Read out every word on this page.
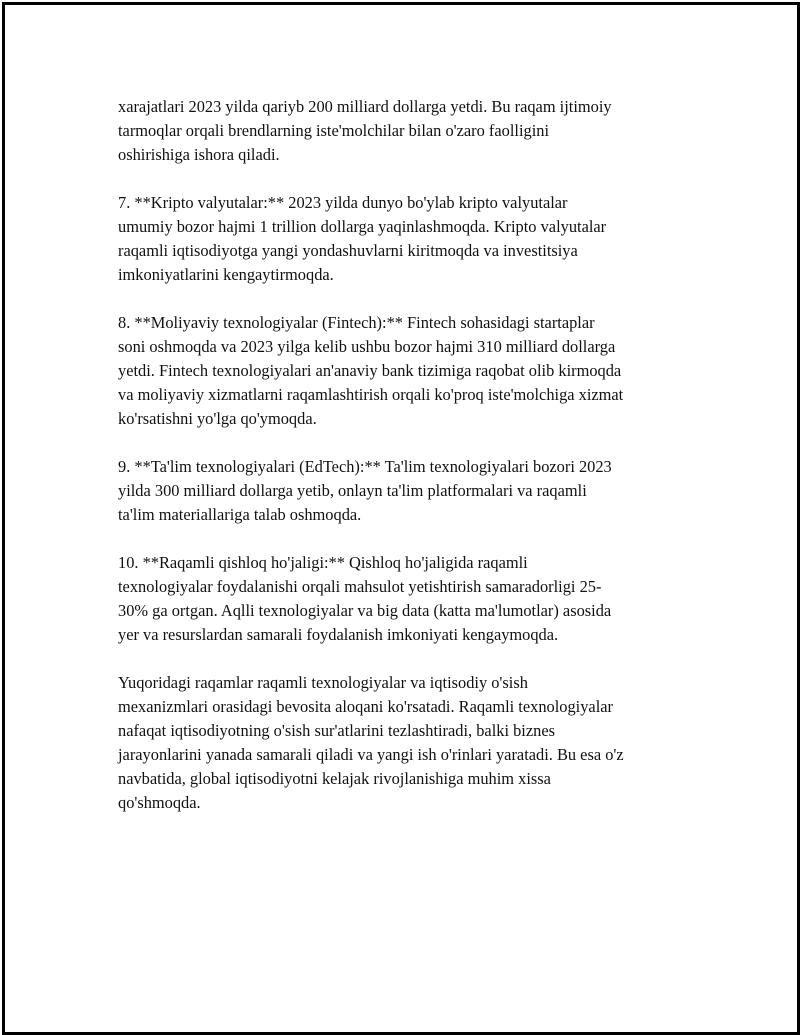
xarajatlari 2023 yilda qariyb 200 milliard dollarga yetdi. Bu raqam ijtimoiy
tarmoqlar orqali brendlarning iste'molchilar bilan o'zaro faolligini
oshirishiga ishora qiladi.

7. **Kripto valyutalar:** 2023 yilda dunyo bo'ylab kripto valyutalar
umumiy bozor hajmi 1 trillion dollarga yaqinlashmoqda. Kripto valyutalar
raqamli iqtisodiyotga yangi yondashuvlarni kiritmoqda va investitsiya
imkoniyatlarini kengaytirmoqda.

8. **Moliyaviy texnologiyalar (Fintech):** Fintech sohasidagi startaplar
soni oshmoqda va 2023 yilga kelib ushbu bozor hajmi 310 milliard dollarga
yetdi. Fintech texnologiyalari an'anaviy bank tizimiga raqobat olib kirmoqda
va moliyaviy xizmatlarni raqamlashtirish orqali ko'proq iste'molchiga xizmat
ko'rsatishni yo'lga qo'ymoqda.

9. **Ta'lim texnologiyalari (EdTech):** Ta'lim texnologiyalari bozori 2023
yilda 300 milliard dollarga yetib, onlayn ta'lim platformalari va raqamli
ta'lim materiallariga talab oshmoqda.

10. **Raqamli qishloq ho'jaligi:** Qishloq ho'jaligida raqamli
texnologiyalar foydalanishi orqali mahsulot yetishtirish samaradorligi 25-
30% ga ortgan. Aqlli texnologiyalar va big data (katta ma'lumotlar) asosida
yer va resurslardan samarali foydalanish imkoniyati kengaymoqda.

Yuqoridagi raqamlar raqamli texnologiyalar va iqtisodiy o'sish
mexanizmlari orasidagi bevosita aloqani ko'rsatadi. Raqamli texnologiyalar
nafaqat iqtisodiyotning o'sish sur'atlarini tezlashtiradi, balki biznes
jarayonlarini yanada samarali qiladi va yangi ish o'rinlari yaratadi. Bu esa o'z
navbatida, global iqtisodiyotni kelajak rivojlanishiga muhim xissa
qo'shmoqda.
